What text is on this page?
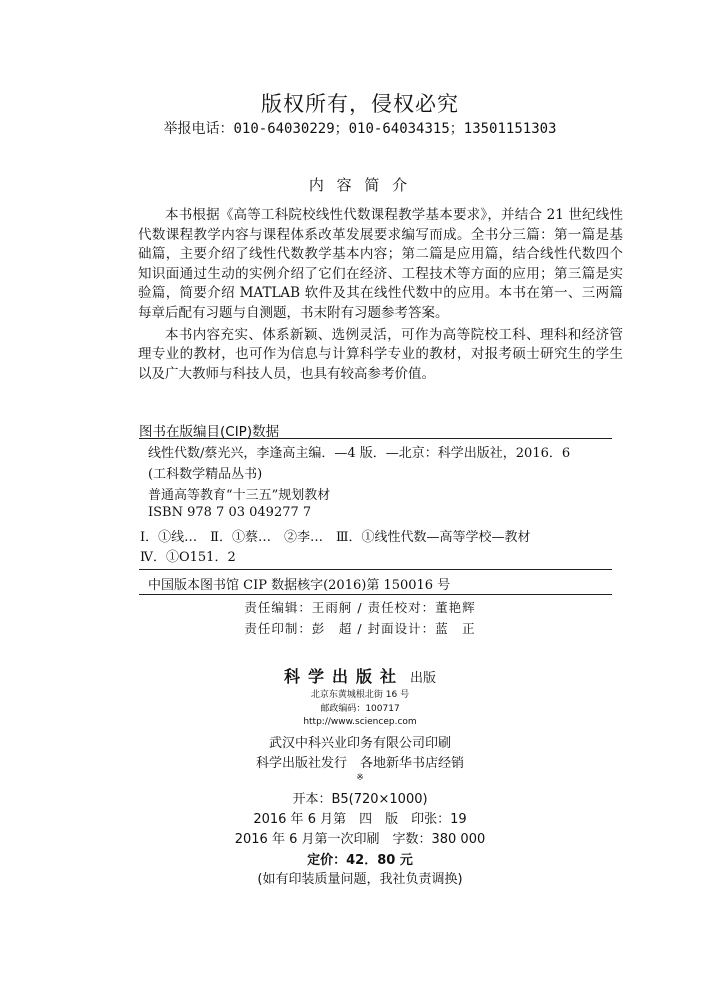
版权所有，侵权必究
举报电话：010-64030229；010-64034315；13501151303
内 容 简 介

本书根据《高等工科院校线性代数课程教学基本要求》，并结合 21 世纪线性代数课程教学内容与课程体系改革发展要求编写而成。全书分三篇：第一篇是基础篇，主要介绍了线性代数教学基本内容；第二篇是应用篇，结合线性代数四个知识面通过生动的实例介绍了它们在经济、工程技术等方面的应用；第三篇是实验篇，简要介绍 MATLAB 软件及其在线性代数中的应用。本书在第一、三两篇每章后配有习题与自测题，书末附有习题参考答案。

本书内容充实、体系新颖、选例灵活，可作为高等院校工科、理科和经济管理专业的教材，也可作为信息与计算科学专业的教材，对报考硕士研究生的学生以及广大教师与科技人员，也具有较高参考价值。

图书在版编目(CIP)数据
线性代数/蔡光兴，李逢高主编．—4 版．—北京：科学出版社，2016．6
(工科数学精品丛书)
普通高等教育“十三五”规划教材
ISBN 978 7 03 049277 7
Ⅰ．①线…　Ⅱ．①蔡…　②李…　Ⅲ．①线性代数—高等学校—教材
Ⅳ．①O151．2
中国版本图书馆 CIP 数据核字(2016)第 150016 号
责任编辑：王雨舸 / 责任校对：董艳辉
责任印制：彭　超 / 封面设计：蓝　正
科学出版社 出版
北京东黄城根北街 16 号
邮政编码：100717
http://www.sciencep.com
武汉中科兴业印务有限公司印刷
科学出版社发行　各地新华书店经销
※
开本：B5(720×1000)
2016 年 6 月第　四　版　印张：19
2016 年 6 月第一次印刷　字数：380 000
定价：42．80 元
(如有印装质量问题，我社负责调换)
